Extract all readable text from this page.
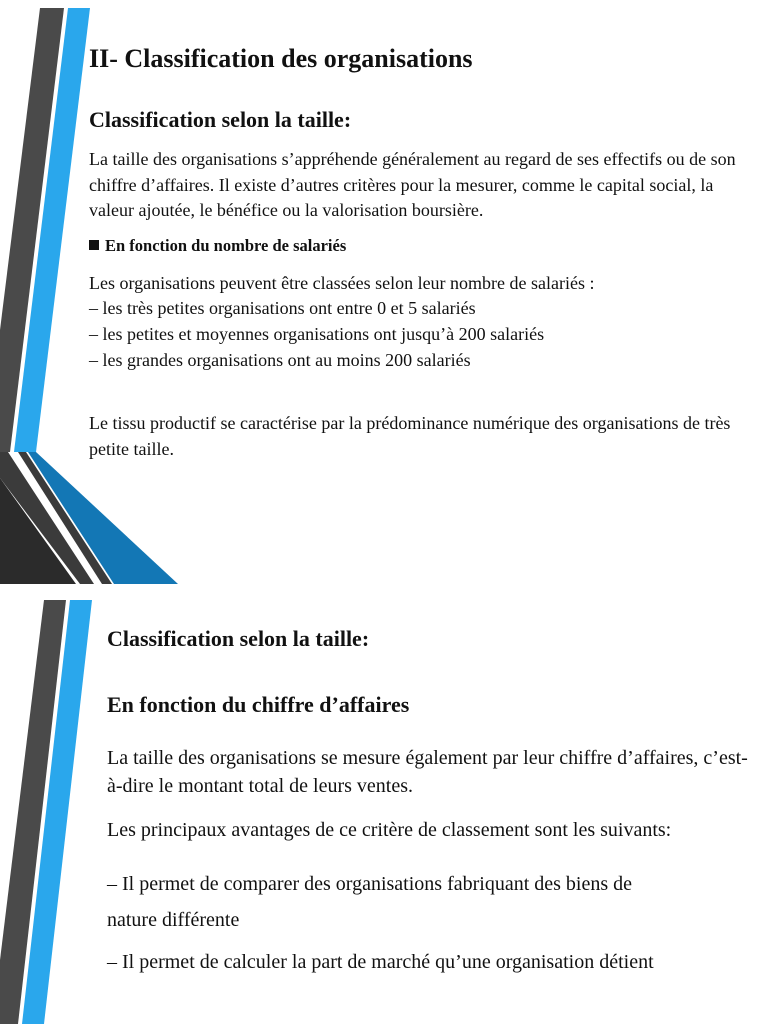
II- Classification des organisations
Classification selon la taille:
La taille des organisations s’appréhende généralement au regard de ses effectifs ou de son chiffre d’affaires. Il existe d’autres critères pour la mesurer, comme le capital social, la valeur ajoutée, le bénéfice ou la valorisation boursière.
En fonction du nombre de salariés
Les organisations peuvent être classées selon leur nombre de salariés :
– les très petites organisations ont entre 0 et 5 salariés
– les petites et moyennes organisations ont jusqu’à 200 salariés
– les grandes organisations ont au moins 200 salariés
Le tissu productif se caractérise par la prédominance numérique des organisations de très petite taille.
Classification selon la taille:
En fonction du chiffre d’affaires
La taille des organisations se mesure également par leur chiffre d’affaires, c’est-à-dire le montant total de leurs ventes.
Les principaux avantages de ce critère de classement sont les suivants:
– Il permet de comparer des organisations fabriquant des biens de
nature différente
– Il permet de calculer la part de marché qu’une organisation détient
